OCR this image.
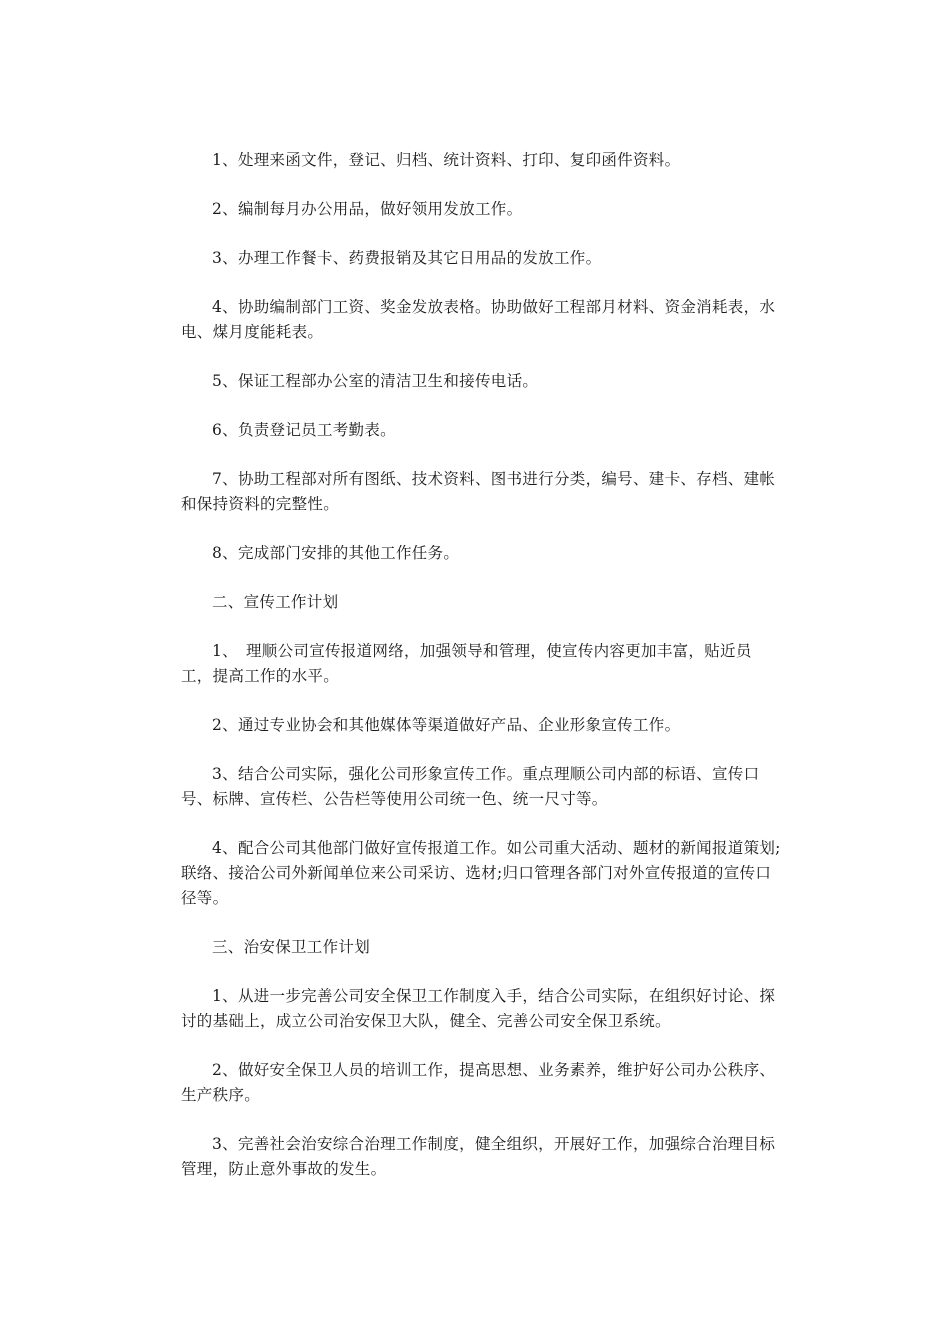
1、处理来函文件，登记、归档、统计资料、打印、复印函件资料。

2、编制每月办公用品，做好领用发放工作。

3、办理工作餐卡、药费报销及其它日用品的发放工作。

4、协助编制部门工资、奖金发放表格。协助做好工程部月材料、资金消耗表，水电、煤月度能耗表。

5、保证工程部办公室的清洁卫生和接传电话。

6、负责登记员工考勤表。

7、协助工程部对所有图纸、技术资料、图书进行分类，编号、建卡、存档、建帐和保持资料的完整性。

8、完成部门安排的其他工作任务。

二、宣传工作计划

1、　理顺公司宣传报道网络，加强领导和管理，使宣传内容更加丰富，贴近员工，提高工作的水平。

2、通过专业协会和其他媒体等渠道做好产品、企业形象宣传工作。

3、结合公司实际，强化公司形象宣传工作。重点理顺公司内部的标语、宣传口号、标牌、宣传栏、公告栏等使用公司统一色、统一尺寸等。

4、配合公司其他部门做好宣传报道工作。如公司重大活动、题材的新闻报道策划;联络、接洽公司外新闻单位来公司采访、选材;归口管理各部门对外宣传报道的宣传口径等。

三、治安保卫工作计划

1、从进一步完善公司安全保卫工作制度入手，结合公司实际，在组织好讨论、探讨的基础上，成立公司治安保卫大队，健全、完善公司安全保卫系统。

2、做好安全保卫人员的培训工作，提高思想、业务素养，维护好公司办公秩序、生产秩序。

3、完善社会治安综合治理工作制度，健全组织，开展好工作，加强综合治理目标管理，防止意外事故的发生。
